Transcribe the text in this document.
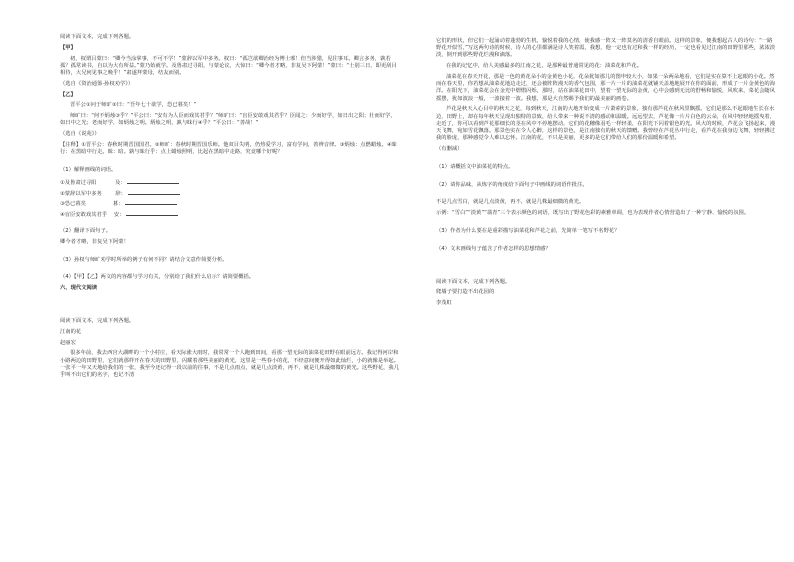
阅读下面文本，完成下列各题。

【甲】

初，权谓吕蒙曰：“卿今当涂掌事，不可不学！”蒙辞以军中多务。权曰：“孤岂欲卿治经为博士邪！但当涉猎，见往事耳。卿言多务，孰若孤？孤常读书，自以为大有所益。”蒙乃始就学。及鲁肃过寻阳，与蒙论议，大惊曰：“卿今者才略，非复吴下阿蒙！”蒙曰：“士别三日，即更刮目相待，大兄何见事之晚乎！”肃遂拜蒙母，结友而别。

（选自《资治通鉴·孙权劝学》）

【乙】

晋平公①问于师旷②曰：“吾年七十欲学，恐已暮矣！”

师旷曰：“何不炳烛③乎？”平公曰：“安有为人臣而戏其君乎？”师旷曰：“盲臣安敢戏其君乎？臣闻之：少而好学，如日出之阳；壮而好学，如日中之光；老而好学，如炳烛之明。炳烛之明，孰与昧行④乎？”平公曰：“善哉！”

（选自《说苑》）

【注释】①晋平公：春秋时期晋国国君。②师旷：春秋时期晋国乐师。他双目失明，仍热爱学习，富有学问，善辨音律。③炳烛：点燃蜡烛。④昧行：在黑暗中行走。昧：暗。孰与昧行乎：点上蜡烛照明，比起在黑暗中走路，究竟哪个好呢？

（1）解释画线的词语。

①及鲁肃过寻阳	及：
②蒙辞以军中多务	辞：
③恐已暮矣	暮：
④盲臣安敢戏其君乎 安：

（2）翻译下面句子。

卿今者才略，非复吴下阿蒙！

（3）孙权与师旷劝学时所举的例子有何不同？请结合文意作简要分析。

（4）【甲】【乙】两文的内容都与学习有关，分别给了我们什么启示？请简要概括。

六、现代文阅读

阅读下面文本，完成下列各题。

江南的花

赵丽宏

很多年前，我去西宫大湖畔的一个小村庄，看天际涨大雨时，我常常一个人跑到田间，看那一望无际的油菜花田野在眼前远方。我记得河岸和小路两边的田野里，它们就那样开在春天的田野里，闪耀着那些美丽的黄光，这里是一些春小的花，不经意间便开得如此灿烂，小的就像是举起。一张平一年又天地给我们的一张，我至今还记得一段以前的往事，不是几点雨点，就是几点淡黄，再不，就是几株最细微的黄光。这些野花，我几乎叫不出它们的名字，也记不清

它们的形状，但它们一起涌动着蓬勃的生机，愉悦着我的心情，使我感一阵又一阵莫名的清香自眼前。这样的景象，便我想起古人的诗句：“一路野花开似雪，”写这两句诗的时候，诗人的心里都满是诗人笑着霞，我想，他一定也有过和我一样的经历，一定也看见过江南的田野里那些，浓浓淡淡，倒开到那些野花烂漫和滴落。

在我的记忆中，给人美感最多的江南之花，是那种最普通常见的花：油菜花和芦花。

油菜花在春天开花，那是一色的黄花朵小的金黄色小花，花朵犹如那儿的图申较大小，如果一朵两朵地看，它们是实在算不上起眼的小花。然而在春天里，你若想从油菜花地边走过，还会被阵阵漫天的香气包围，那一片一片的油菜花就铺天盖地地展开在你的面前，形成了一片金黄色的海洋。在阳光下，油菜花会在金光中熠熠闪烁，那时，站在油菜花田中，望着一望无际的金黄，心中会感到无比的舒畅和愉悦，风吹来，菜花会随风摇摆，犹如波浪一般，一波接着一波。我想，那是大自然赐予我们的最美丽的画卷。

芦花是秋天入心目中的秋天之花，每到秋天，江南的大地开始变成一片萧索的景象，独有那芦花在秋风里飘摇。它们是那么不起眼地生长在水边、田野上，却在每年秋天呈现出独特的景致，给人带来一种说不清的感动和温暖。远远望去，芦花像一片片白色的云朵，在风中轻轻地摇曳着，走近了，你可以看到芦花那细长的茎在风中不停地摆动，它们的花穗像羽毛一样轻柔，在阳光下闪着银色的光。风大的时候，芦花会飞扬起来，漫天飞舞，宛如雪花飘落。那景色实在令人心醉，这样的景色，是江南独有的秋天的馈赠。我曾经在芦花丛中行走，看芦花在我身边飞舞，轻轻拂过我的脸庞，那种感觉令人难以忘怀。江南的花，不只是美丽，更多的是它们带给人们的那份温暖和希望。

（有删减）

（1）请概括文中油菜花的特点。

（2）请你品味，从炼字的角度给下面句子中画线的词语作批注。

不是几点雪白，就是几点淡黄，再不，就是几株最细微的黄光。

示例：“雪白”“淡黄”“翡青”三个表示颜色的词语，既写出了野花色彩的素雅单调，也为表现作者心情营造出了一种宁静、愉悦的氛围。

（3）作者为什么要在是重彩描写油菜花和芦花之前，先简单一笔写不名野花？

（4）文末画线句子蕴含了作者怎样的思想情感？

阅读下面文本，完成下列各题。

爬墙子要打造不出花园的

李茂虹
